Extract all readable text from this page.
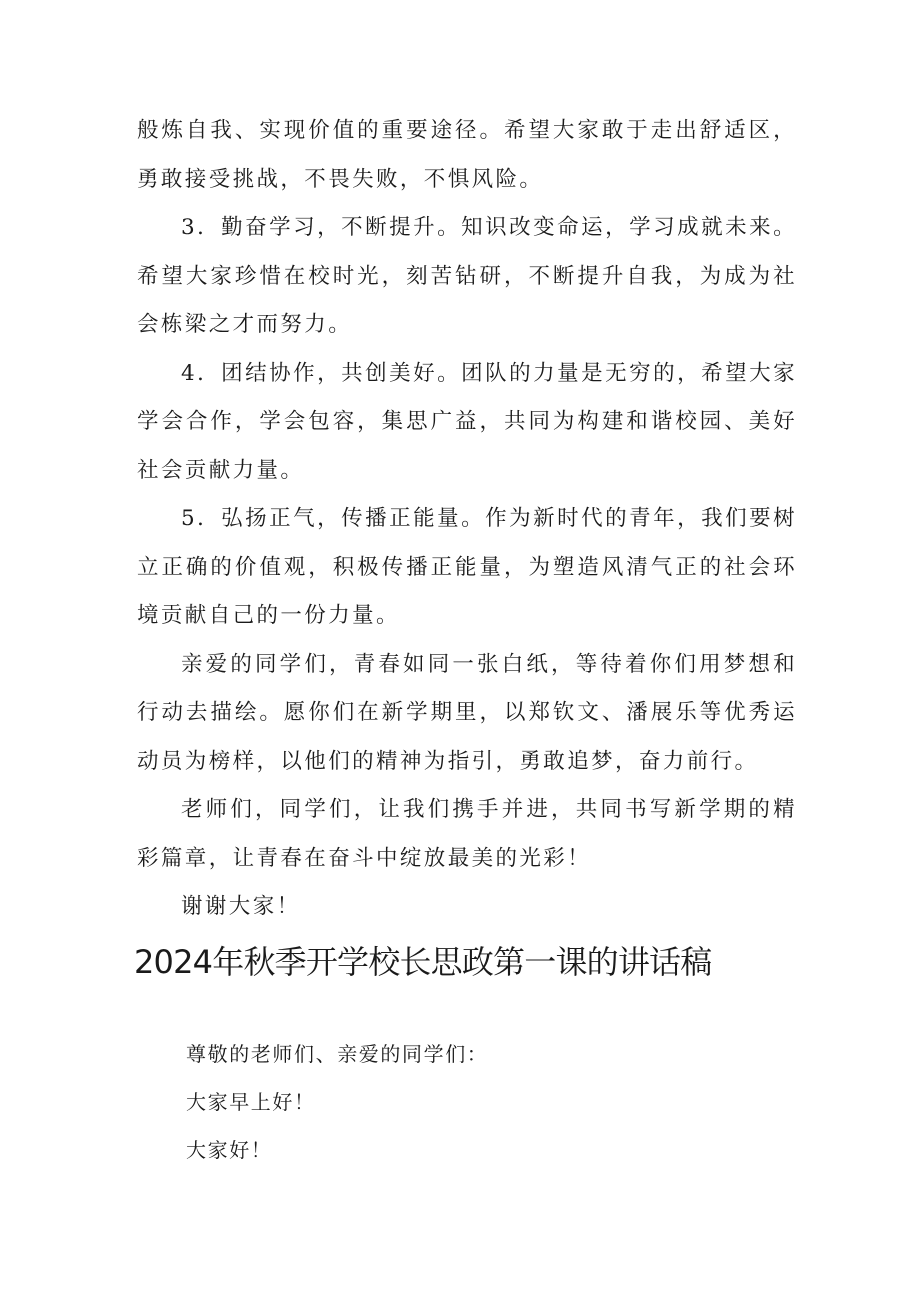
般炼自我、实现价值的重要途径。希望大家敢于走出舒适区，勇敢接受挑战，不畏失败，不惧风险。

3．勤奋学习，不断提升。知识改变命运，学习成就未来。希望大家珍惜在校时光，刻苦钻研，不断提升自我，为成为社会栋梁之才而努力。

4．团结协作，共创美好。团队的力量是无穷的，希望大家学会合作，学会包容，集思广益，共同为构建和谐校园、美好社会贡献力量。

5．弘扬正气，传播正能量。作为新时代的青年，我们要树立正确的价值观，积极传播正能量，为塑造风清气正的社会环境贡献自己的一份力量。

亲爱的同学们，青春如同一张白纸，等待着你们用梦想和行动去描绘。愿你们在新学期里，以郑钦文、潘展乐等优秀运动员为榜样，以他们的精神为指引，勇敢追梦，奋力前行。

老师们，同学们，让我们携手并进，共同书写新学期的精彩篇章，让青春在奋斗中绽放最美的光彩！

谢谢大家！

2024年秋季开学校长思政第一课的讲话稿

尊敬的老师们、亲爱的同学们：

大家早上好！

大家好！
